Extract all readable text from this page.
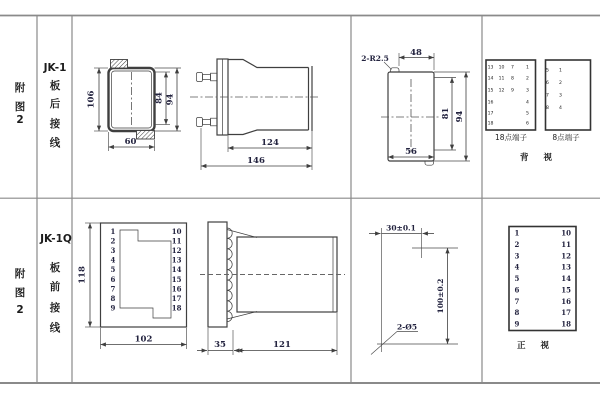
附
图
2
JK-1
板
后
接
线
106	84 94
60	124
146
2-R2.5
48
81 94
56
13
14
15
16
17
18
10
11
12
7
8
9
1
2
3
4
5
6
18点端子
5
6
7
8
1
2
3
4
8点端子
背 视
附
图
2
JK-1Q
板
前
接
线
1
2
3
4
5
6
7
8
9
10
11
12
13
14
15
16
17
18
118
102
35	121
30±0.1
100±0.2
2-Ø5
1
2
3
4
5
6
7
8
9
10
11
12
13
14
15
16
17
18
正 视
